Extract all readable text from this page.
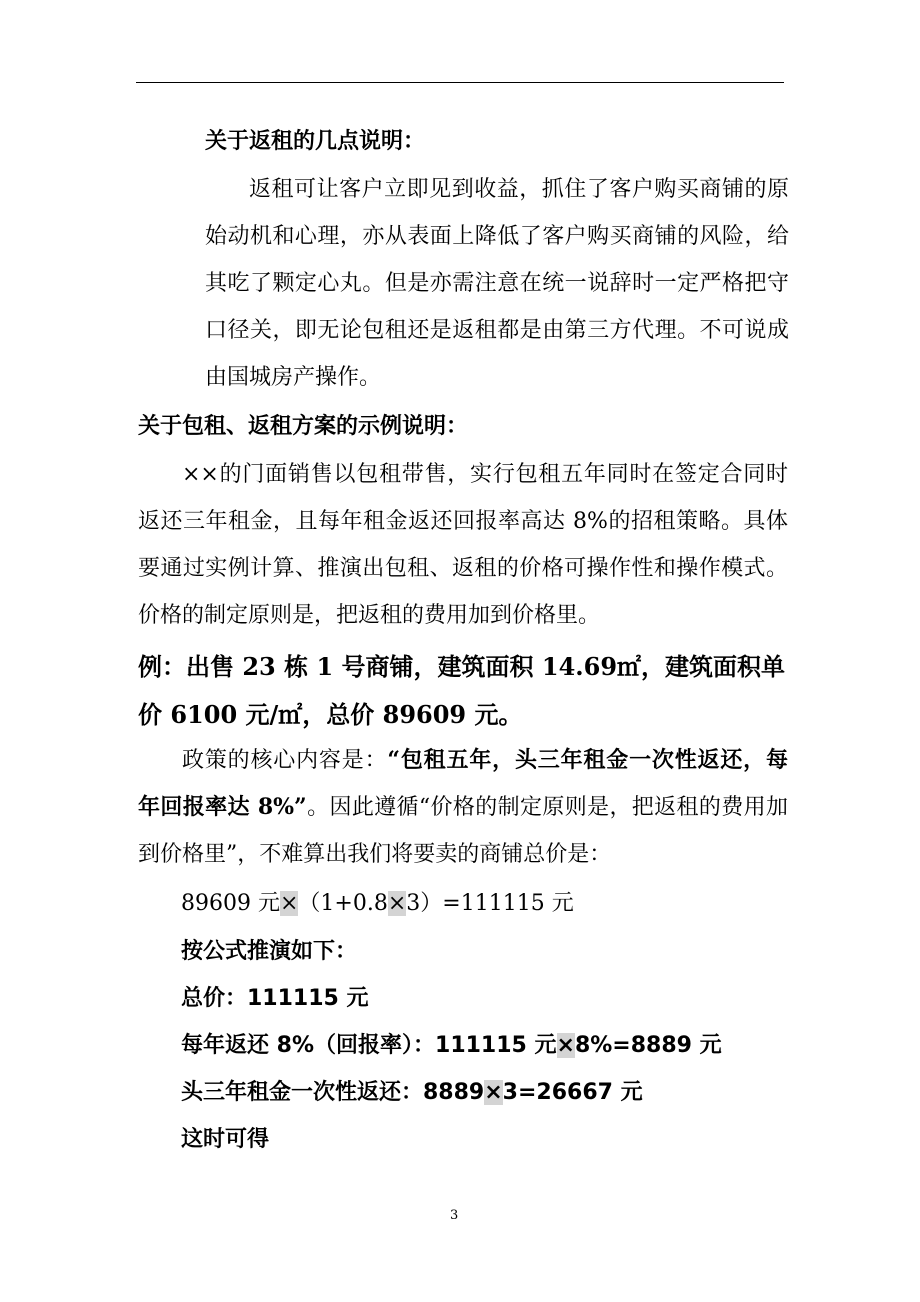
关于返租的几点说明：

返租可让客户立即见到收益，抓住了客户购买商铺的原始动机和心理，亦从表面上降低了客户购买商铺的风险，给其吃了颗定心丸。但是亦需注意在统一说辞时一定严格把守口径关，即无论包租还是返租都是由第三方代理。不可说成由国城房产操作。

关于包租、返租方案的示例说明：

××的门面销售以包租带售，实行包租五年同时在签定合同时返还三年租金，且每年租金返还回报率高达 8%的招租策略。具体要通过实例计算、推演出包租、返租的价格可操作性和操作模式。价格的制定原则是，把返租的费用加到价格里。

例：出售 23 栋 1 号商铺，建筑面积 14.69㎡，建筑面积单价 6100 元/㎡，总价 89609 元。

政策的核心内容是：“包租五年，头三年租金一次性返还，每年回报率达 8%”。因此遵循“价格的制定原则是，把返租的费用加到价格里”，不难算出我们将要卖的商铺总价是：

89609 元×（1+0.8×3）=111115 元

按公式推演如下：

总价：111115 元

每年返还 8%（回报率）：111115 元×8%=8889 元

头三年租金一次性返还：8889×3=26667 元

这时可得

3
